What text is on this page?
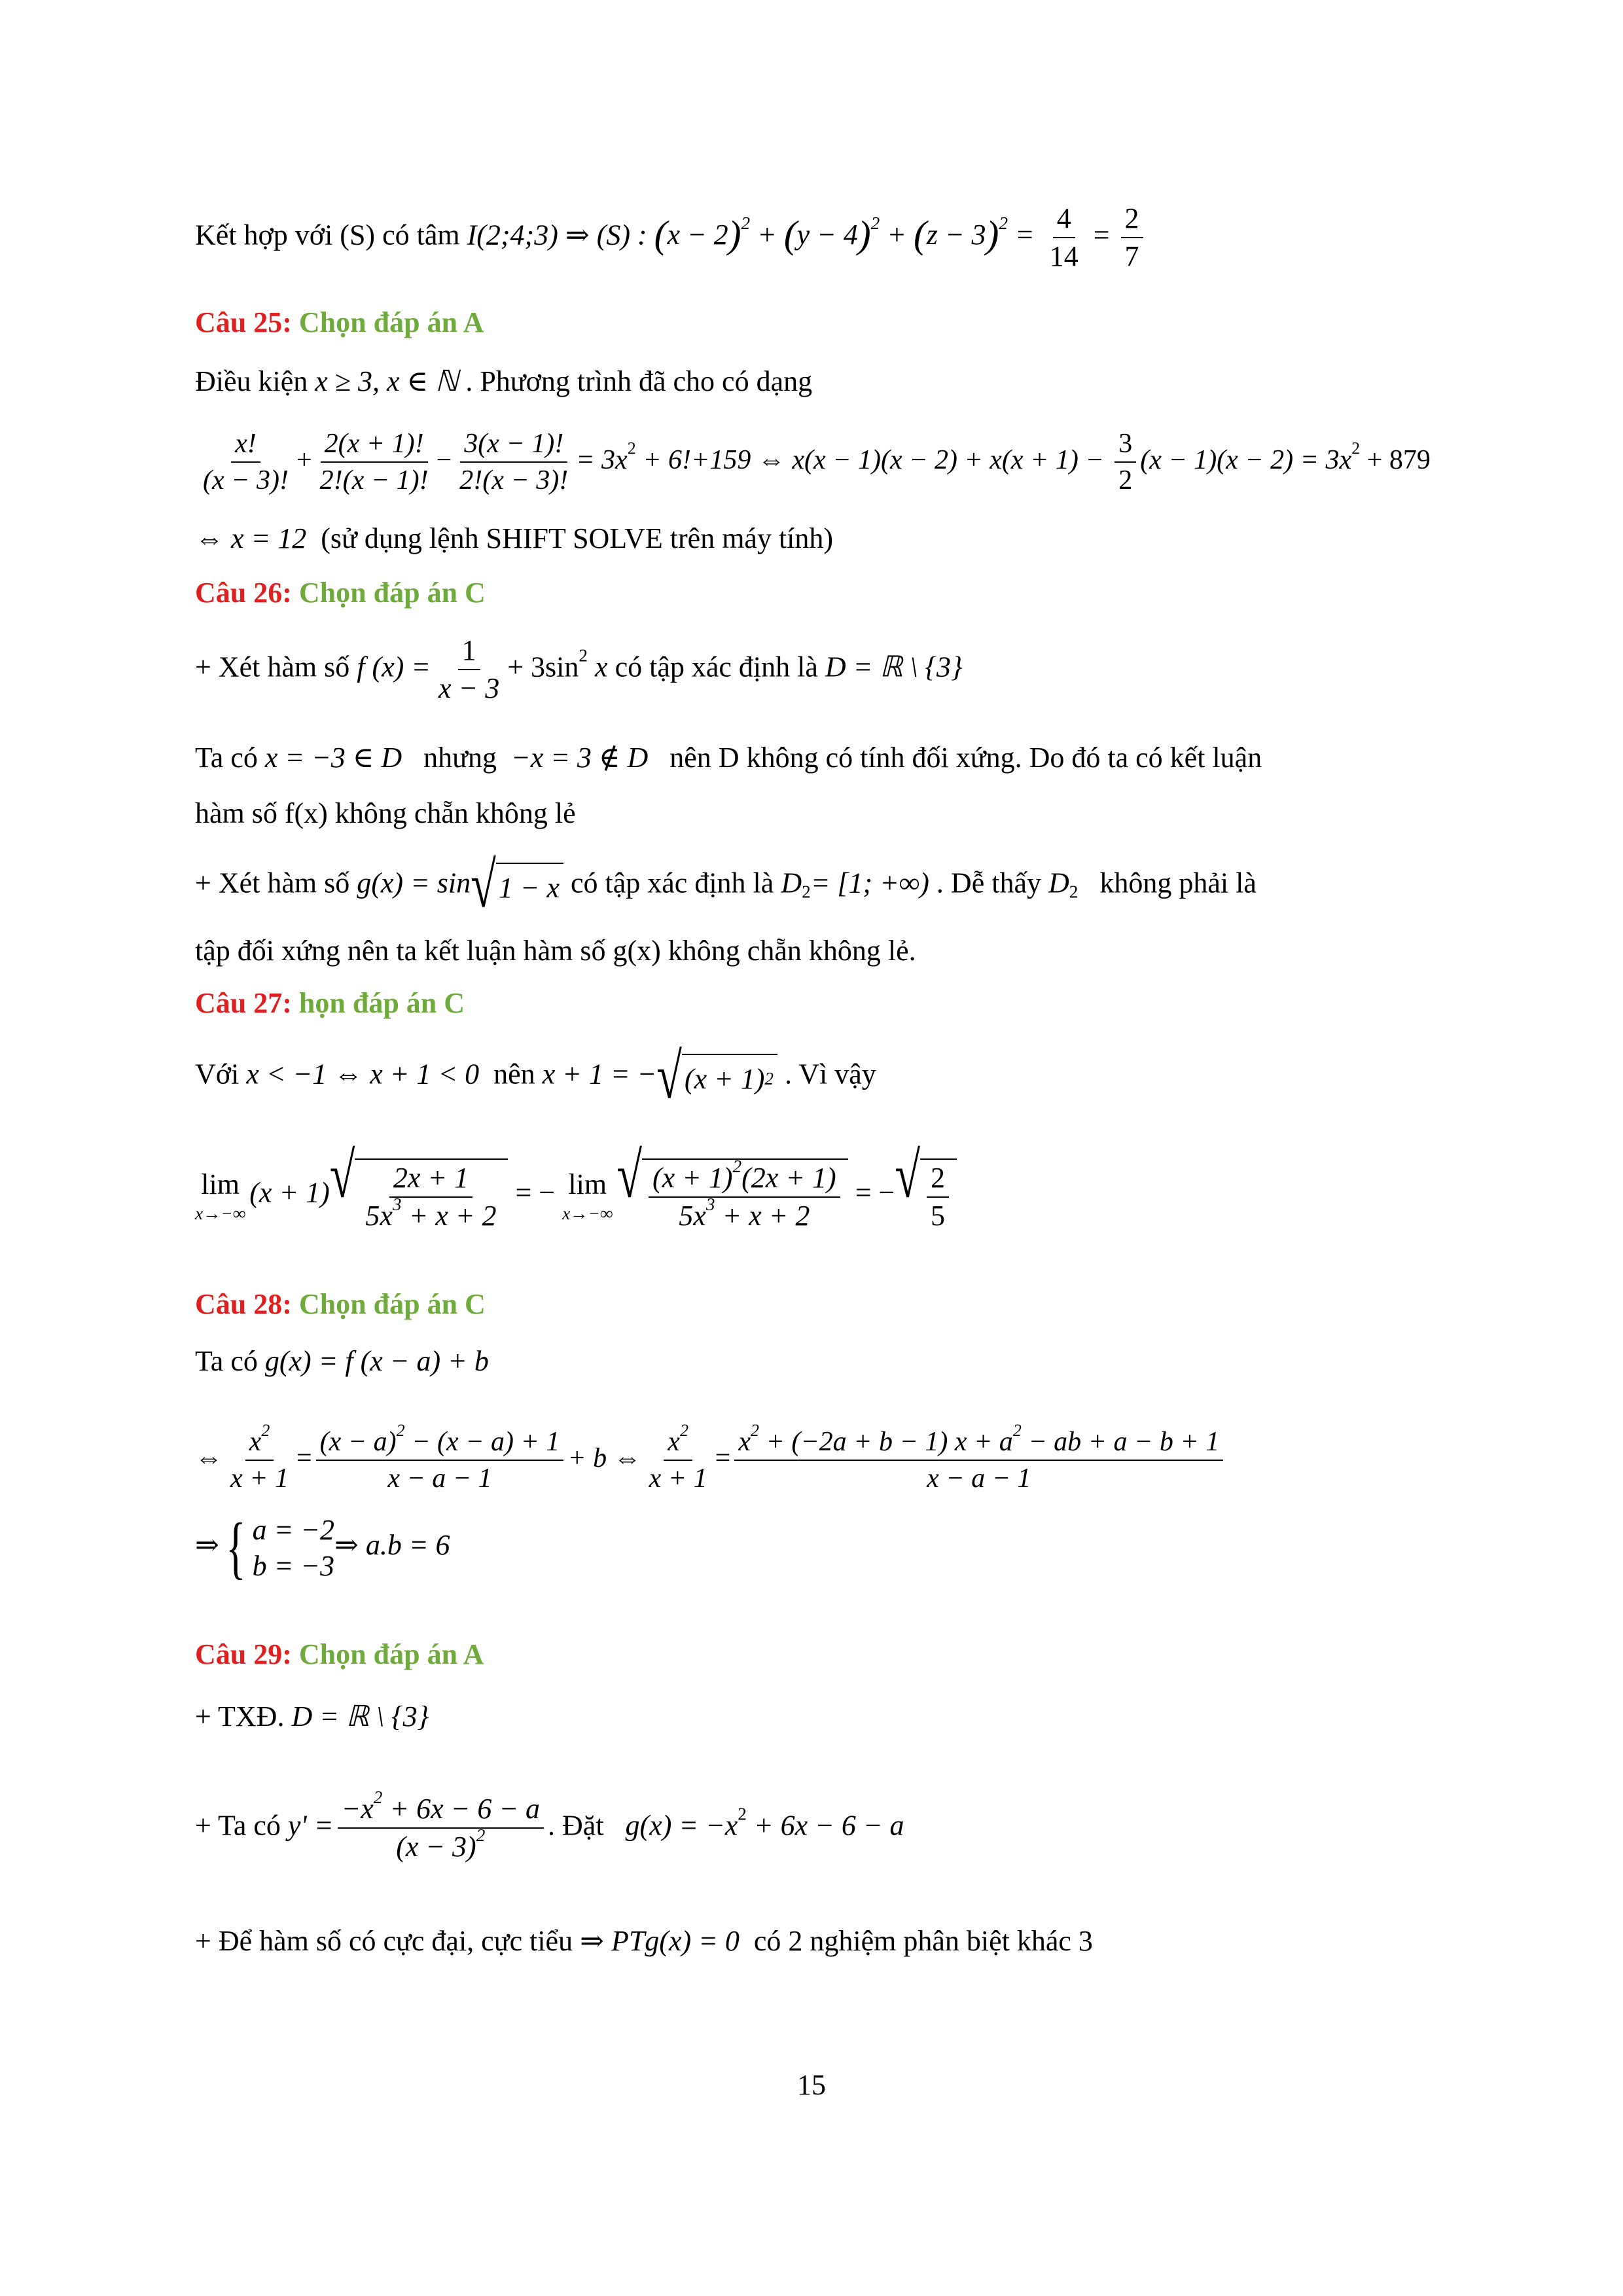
Kết hợp với (S) có tâm I(2;4;3) ⇒ (S) : $(x - 2)^2 + (y - 4)^2 + (z - 3)^2 = \frac{4}{14} = \frac{2}{7}$
Câu 25: Chọn đáp án A
Điều kiện x ≥ 3, x ∈ ℕ . Phương trình đã cho có dạng
$\frac{x!}{(x - 3)!} + \frac{2(x + 1)!}{2!(x - 1)!} - \frac{3(x - 1)!}{2!(x - 3)!} = 3x^2 + 6!+159$ ⇔ $x(x - 1)(x - 2) + x(x + 1) - \frac{3}{2} (x - 1)(x - 2) = 3x^2 + 879$
⇔ x = 12 (sử dụng lệnh SHIFT SOLVE trên máy tính)
Câu 26: Chọn đáp án C
+ Xét hàm số f $(x) = \frac{1}{x - 3} + 3\sin^2$ x có tập xác định là D = ℝ \ {3}
Ta có x = −3 ∈ D nhưng −x = 3 ∉ D nên D không có tính đối xứng. Do đó ta có kết luận
hàm số f(x) không chẵn không lẻ
+ Xét hàm số g(x) = sin √ 1 − x có tập xác định là $D_2= [1$; +∞) . Dễ thấy $D_2$ không phải là
tập đối xứng nên ta kết luận hàm số g(x) không chẵn không lẻ.
Câu 27: họn đáp án C
Với x < −1 ⇔ x + 1 < 0 nên x + 1 = − √ (x + 1) 2 . Vì vậy
lim
x→−∞
(x + 1) √ $\frac{2x + 1}{5x^3 + x + 2}$ = − lim
x→−∞
√ $\frac{(x + 1)^2(2x + 1)}{5x^3 + x + 2}$ = − √ $\frac{2}{5}$
Câu 28: Chọn đáp án C
Ta có g(x) = f (x − a) + b
⇔ $\frac{x^2}{x + 1} = \frac{(x - a)^2 - (x - a) + 1}{x - a - 1} + b$ ⇔ $\frac{x^2}{x + 1} = \frac{x^2 + (-2a + b - 1) x + a^2 - ab + a - b + 1}{x - a - 1}$
⇒ { a = −2
b = −3
⇒ a.b = 6
Câu 29: Chọn đáp án A
+ TXĐ. D = ℝ \ {3}
+ Ta có $y' = \frac{-x^2 + 6x - 6 - a}{(x - 3)^2}$ . Đặt $g(x) = -x^2 + 6x - 6 - a$
+ Để hàm số có cực đại, cực tiểu ⇒ PTg(x) = 0 có 2 nghiệm phân biệt khác 3
15
